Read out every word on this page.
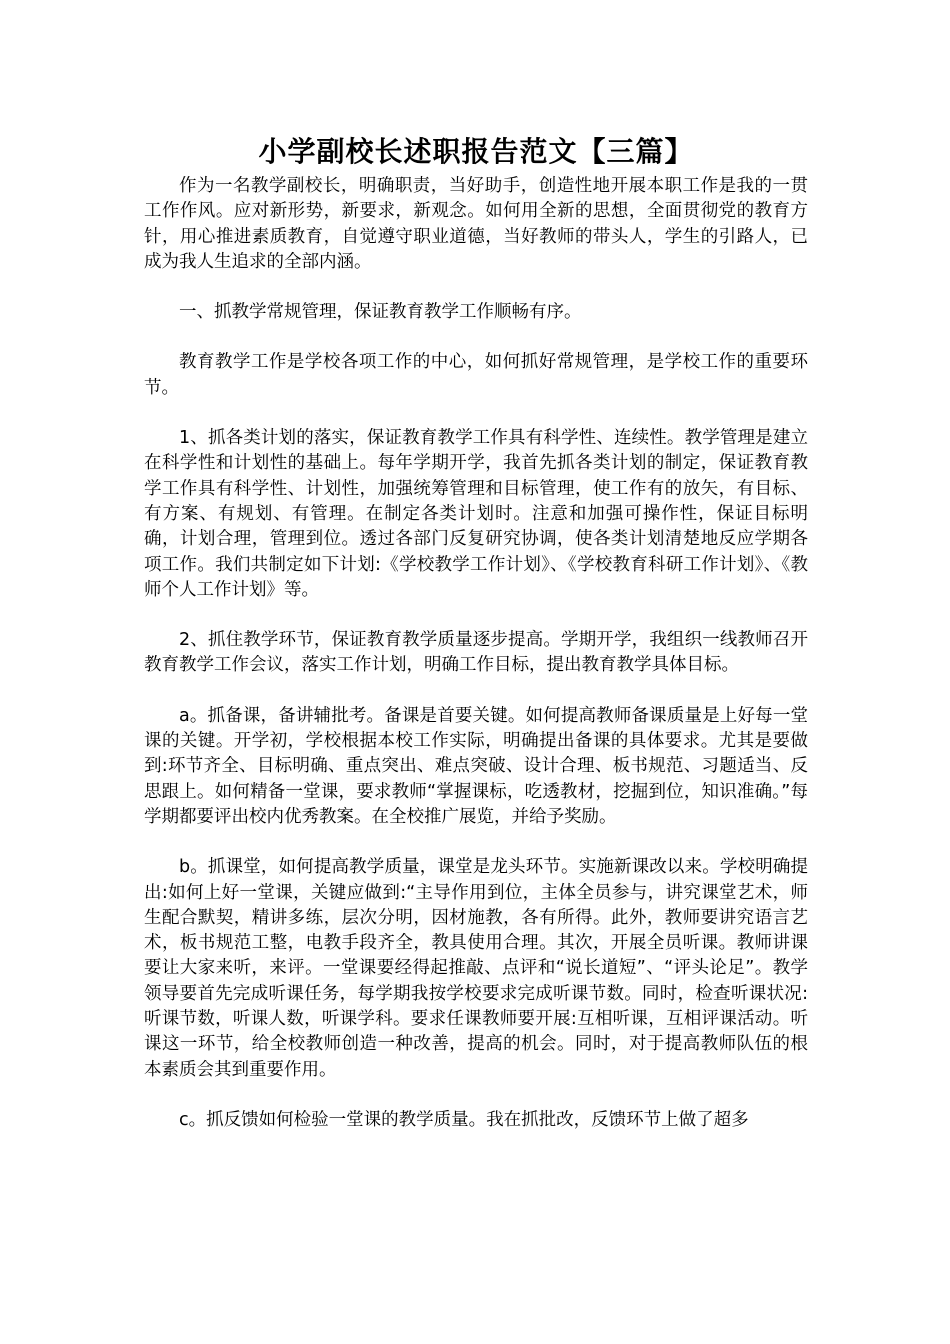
小学副校长述职报告范文【三篇】

作为一名教学副校长，明确职责，当好助手，创造性地开展本职工作是我的一贯工作作风。应对新形势，新要求，新观念。如何用全新的思想，全面贯彻党的教育方针，用心推进素质教育，自觉遵守职业道德，当好教师的带头人，学生的引路人，已成为我人生追求的全部内涵。

一、抓教学常规管理，保证教育教学工作顺畅有序。

教育教学工作是学校各项工作的中心，如何抓好常规管理，是学校工作的重要环节。

1、抓各类计划的落实，保证教育教学工作具有科学性、连续性。教学管理是建立在科学性和计划性的基础上。每年学期开学，我首先抓各类计划的制定，保证教育教学工作具有科学性、计划性，加强统筹管理和目标管理，使工作有的放矢，有目标、有方案、有规划、有管理。在制定各类计划时。注意和加强可操作性，保证目标明确，计划合理，管理到位。透过各部门反复研究协调，使各类计划清楚地反应学期各项工作。我们共制定如下计划:《学校教学工作计划》、《学校教育科研工作计划》、《教师个人工作计划》等。

2、抓住教学环节，保证教育教学质量逐步提高。学期开学，我组织一线教师召开教育教学工作会议，落实工作计划，明确工作目标，提出教育教学具体目标。

a。抓备课，备讲辅批考。备课是首要关键。如何提高教师备课质量是上好每一堂课的关键。开学初，学校根据本校工作实际，明确提出备课的具体要求。尤其是要做到:环节齐全、目标明确、重点突出、难点突破、设计合理、板书规范、习题适当、反思跟上。如何精备一堂课，要求教师“掌握课标，吃透教材，挖掘到位，知识准确。”每学期都要评出校内优秀教案。在全校推广展览，并给予奖励。

b。抓课堂，如何提高教学质量，课堂是龙头环节。实施新课改以来。学校明确提出:如何上好一堂课，关键应做到:“主导作用到位，主体全员参与，讲究课堂艺术，师生配合默契，精讲多练，层次分明，因材施教，各有所得。此外，教师要讲究语言艺术，板书规范工整，电教手段齐全，教具使用合理。其次，开展全员听课。教师讲课要让大家来听，来评。一堂课要经得起推敲、点评和“说长道短”、“评头论足”。教学领导要首先完成听课任务，每学期我按学校要求完成听课节数。同时，检查听课状况:听课节数，听课人数，听课学科。要求任课教师要开展:互相听课，互相评课活动。听课这一环节，给全校教师创造一种改善，提高的机会。同时，对于提高教师队伍的根本素质会其到重要作用。

c。抓反馈如何检验一堂课的教学质量。我在抓批改，反馈环节上做了超多
